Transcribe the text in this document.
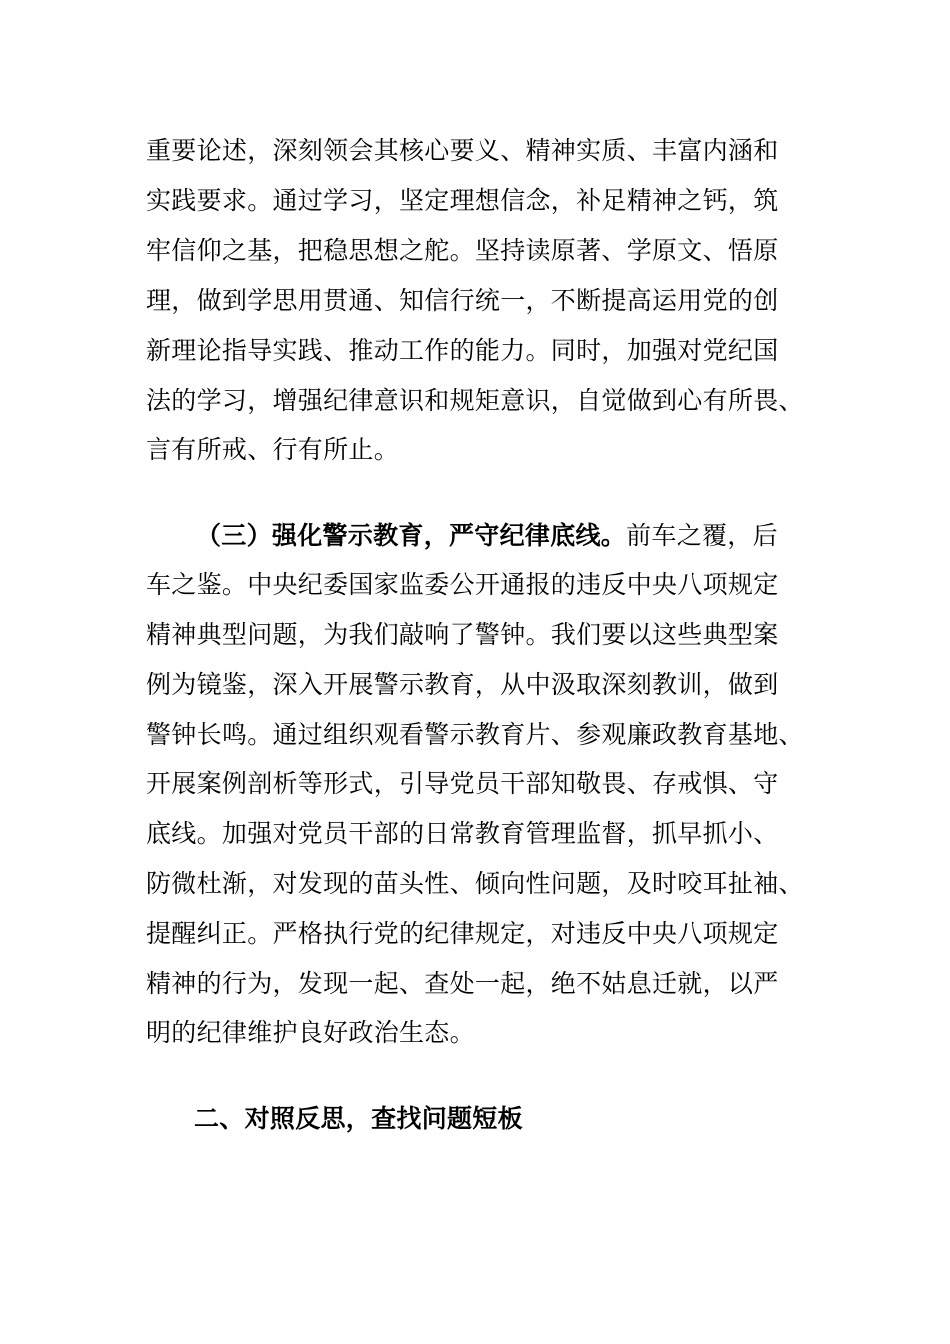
重要论述，深刻领会其核心要义、精神实质、丰富内涵和
实践要求。通过学习，坚定理想信念，补足精神之钙，筑
牢信仰之基，把稳思想之舵。坚持读原著、学原文、悟原
理，做到学思用贯通、知信行统一，不断提高运用党的创
新理论指导实践、推动工作的能力。同时，加强对党纪国
法的学习，增强纪律意识和规矩意识，自觉做到心有所畏、
言有所戒、行有所止。
（三）强化警示教育，严守纪律底线。前车之覆，后
车之鉴。中央纪委国家监委公开通报的违反中央八项规定
精神典型问题，为我们敲响了警钟。我们要以这些典型案
例为镜鉴，深入开展警示教育，从中汲取深刻教训，做到
警钟长鸣。通过组织观看警示教育片、参观廉政教育基地、
开展案例剖析等形式，引导党员干部知敬畏、存戒惧、守
底线。加强对党员干部的日常教育管理监督，抓早抓小、
防微杜渐，对发现的苗头性、倾向性问题，及时咬耳扯袖、
提醒纠正。严格执行党的纪律规定，对违反中央八项规定
精神的行为，发现一起、查处一起，绝不姑息迁就，以严
明的纪律维护良好政治生态。
二、对照反思，查找问题短板
